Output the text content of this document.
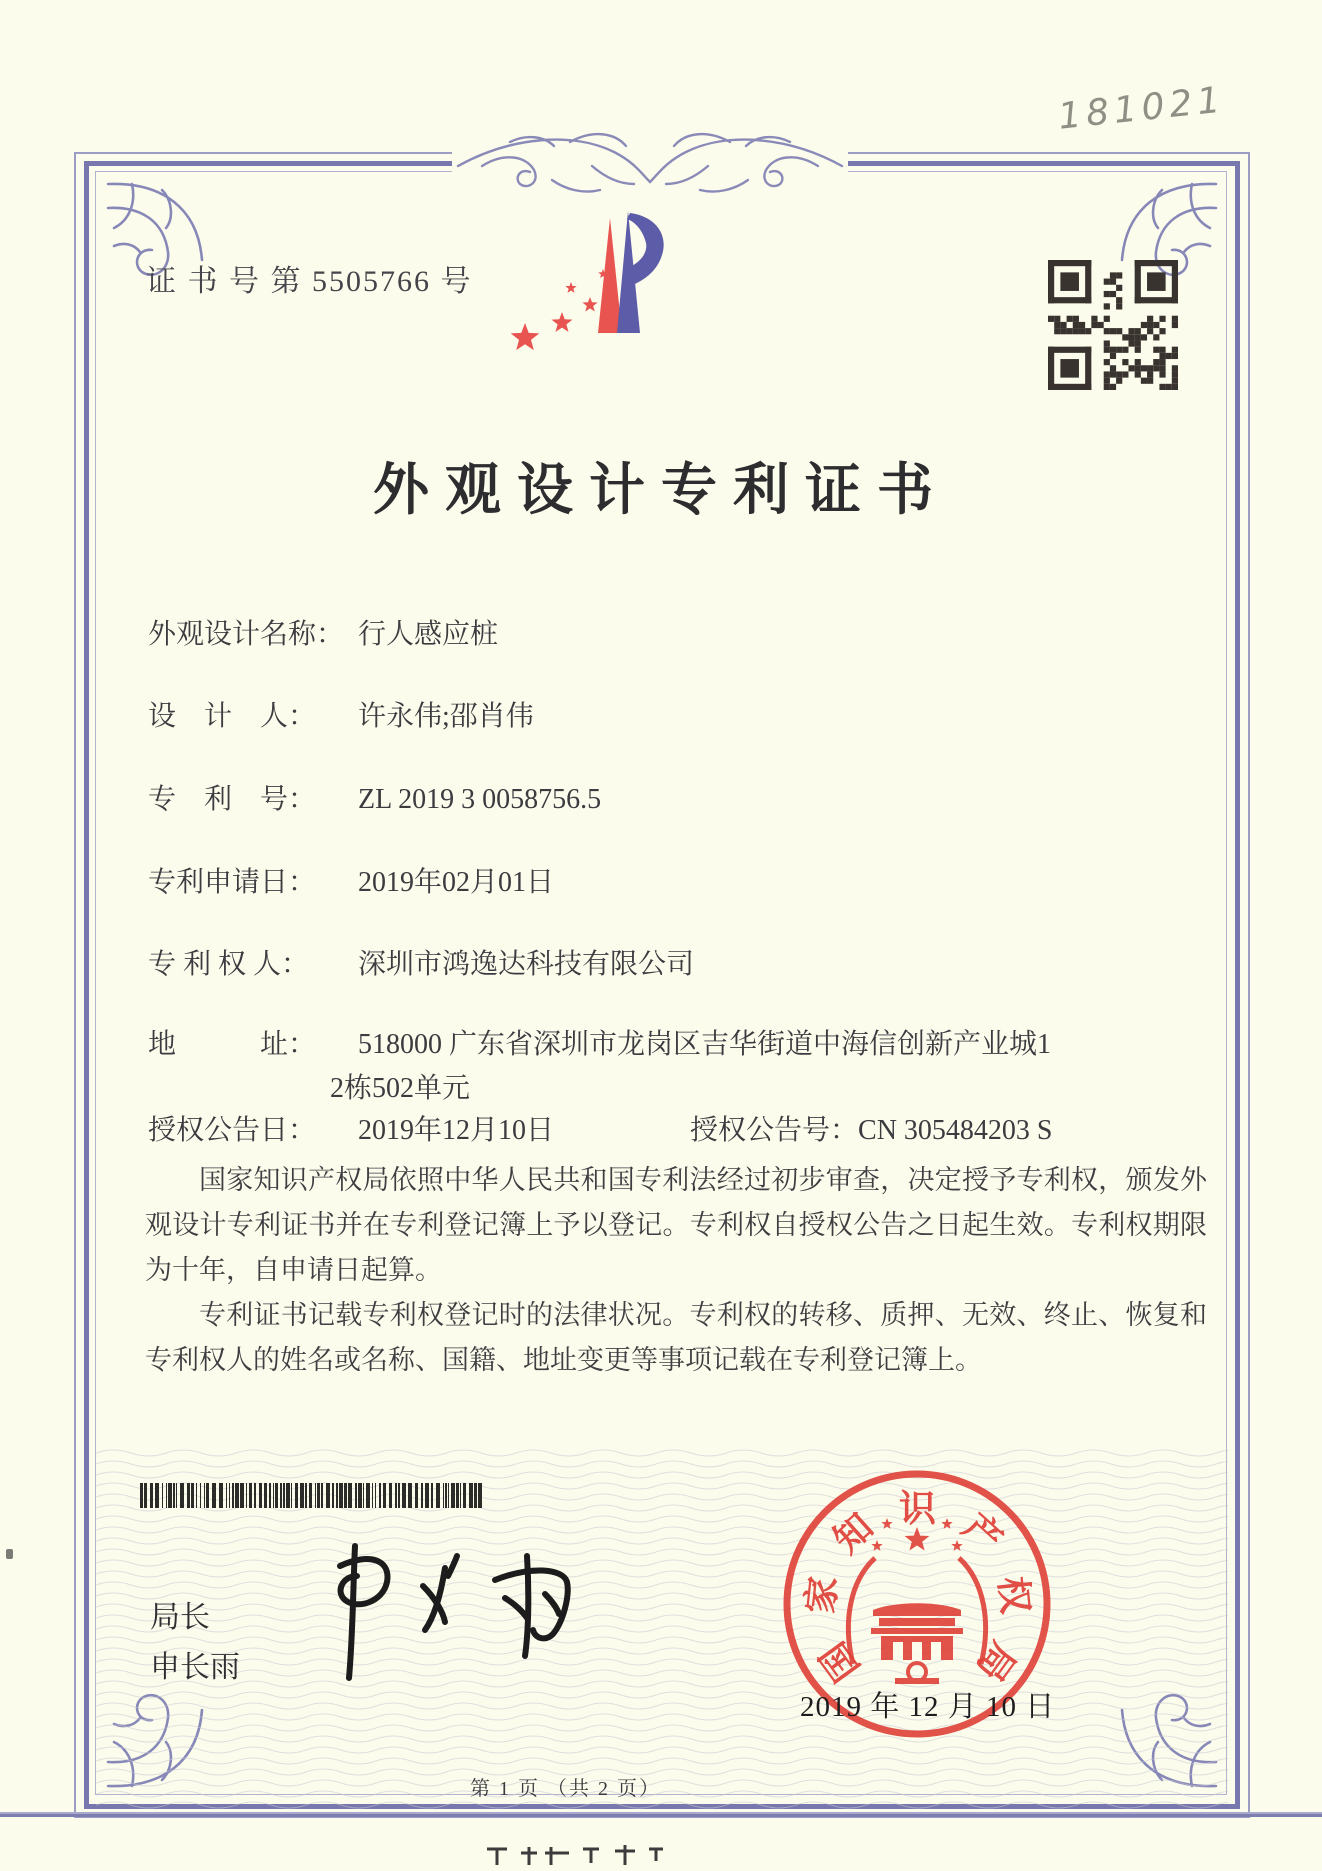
181021
证 书 号 第 5505766 号
外观设计专利证书
外观设计名称： 行人感应桩
设　计　人： 许永伟;邵肖伟
专　利　号： ZL 2019 3 0058756.5
专利申请日： 2019年02月01日
专 利 权 人： 深圳市鸿逸达科技有限公司
地　　　址： 518000 广东省深圳市龙岗区吉华街道中海信创新产业城1
2栋502单元
授权公告日： 2019年12月10日	授权公告号：CN 305484203 S

国家知识产权局依照中华人民共和国专利法经过初步审查，决定授予专利权，颁发外观设计专利证书并在专利登记簿上予以登记。专利权自授权公告之日起生效。专利权期限为十年，自申请日起算。

专利证书记载专利权登记时的法律状况。专利权的转移、质押、无效、终止、恢复和专利权人的姓名或名称、国籍、地址变更等事项记载在专利登记簿上。

局长
申长雨	国
家
知 识 产
权
局
2019 年 12 月 10 日
第 1 页 （共 2 页）
